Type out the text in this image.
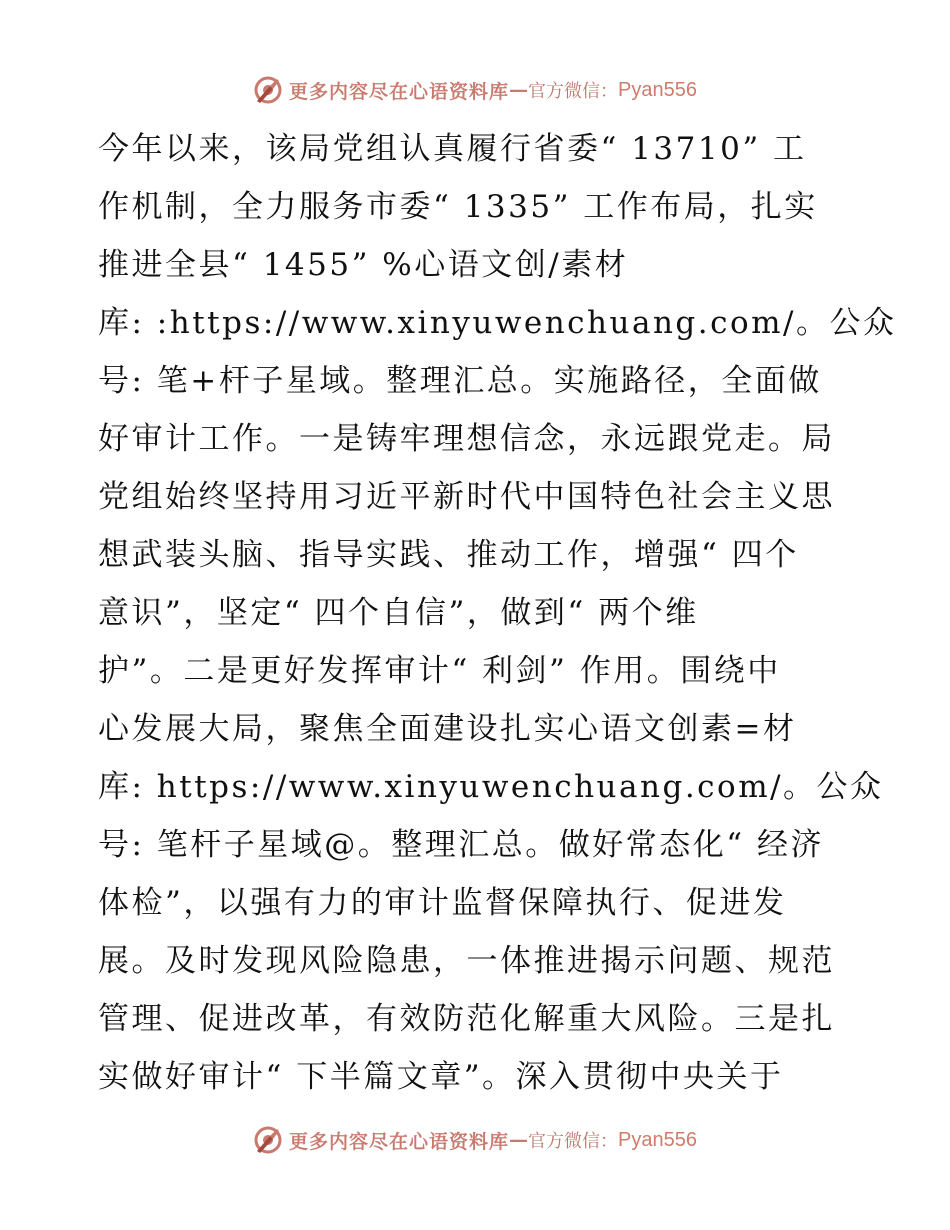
更多内容尽在心语资料库 — 官方微信： Pyan556
今年以来，该局党组认真履行省委“ 13710” 工
作机制，全力服务市委“ 1335” 工作布局，扎实
推进全县“ 1455” %心语文创/素材
库: :https://www.xinyuwenchuang.com/。公众
号: 笔+杆子星域。整理汇总。实施路径，全面做
好审计工作。一是铸牢理想信念，永远跟党走。局
党组始终坚持用习近平新时代中国特色社会主义思
想武装头脑、指导实践、推动工作，增强“ 四个
意识”，坚定“ 四个自信”，做到“ 两个维
护”。二是更好发挥审计“ 利剑” 作用。围绕中
心发展大局，聚焦全面建设扎实心语文创素=材
库: https://www.xinyuwenchuang.com/。公众
号: 笔杆子星域@。整理汇总。做好常态化“ 经济
体检”，以强有力的审计监督保障执行、促进发
展。及时发现风险隐患，一体推进揭示问题、规范
管理、促进改革，有效防范化解重大风险。三是扎
实做好审计“ 下半篇文章”。深入贯彻中央关于
更多内容尽在心语资料库 — 官方微信： Pyan556
